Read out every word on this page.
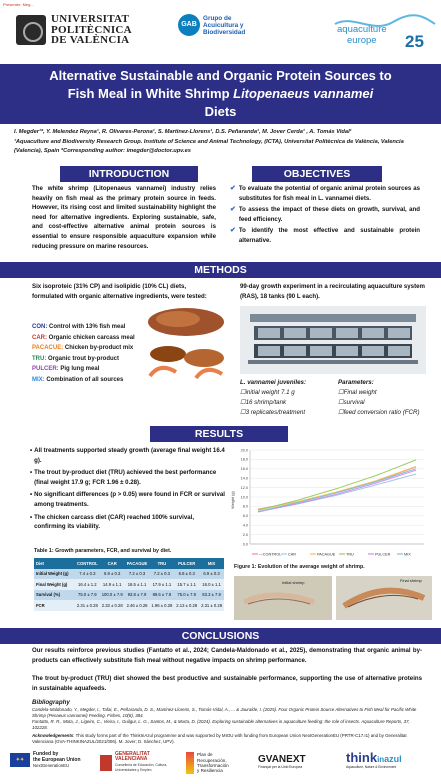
Presenter: Meg...
UNIVERSITAT
POLITÈCNICA
DE VALÈNCIA
GAB
Grupo de
Acuicultura y
Biodiversidad	aquaculture
europe 25
Alternative Sustainable and Organic Protein Sources to
Fish Meal in White Shrimp Litopenaeus vannamei
Diets
I. Megder¹*, Y. Melendez Reyna¹, R. Olivares-Perona¹, S. Martinez-Llorens¹, D.S. Peñaranda¹, M. Jover Cerda¹ , A. Tomás Vidal¹
¹Aquaculture and Biodiversity Research Group. Institute of Science and Animal Technology, (ICTA), Universitat Politècnica de València, Valencia (Valencia), Spain *Corresponding author: imegder@doctor.upv.es
INTRODUCTION
The white shrimp (Litopenaeus vannamei) industry relies heavily on fish meal as the primary protein source in feeds. However, its rising cost and limited sustainability highlight the need for alternative ingredients. Exploring sustainable, safe, and cost-effective alternative animal protein sources is essential to ensure responsible aquaculture expansion while reducing pressure on marine resources.
OBJECTIVES
✔ To evaluate the potential of organic animal protein sources as substitutes for fish meal in L. vannamei diets.
✔ To assess the impact of these diets on growth, survival, and feed efficiency.
✔ To identify the most effective and sustainable protein alternative.
METHODS
Six isoproteic (31% CP) and isolipidic (10% CL) diets, formulated with organic alternative ingredients, were tested:
CON: Control with 13% fish meal
CAR: Organic chicken carcass meal
PACACUE: Chicken by-product mix
TRU: Organic trout by-product
PULCER: Pig lung meal
MIX: Combination of all sources
99-day growth experiment in a recirculating aquaculture system (RAS), 18 tanks (90 L each).
L. vannamei juveniles:
☐initial weight 7.1 g
☐16 shrimp/tank
☐3 replicates/treatment
Parameters:
☐Final weight
☐survival
☐feed conversion ratio (FCR)
RESULTS
• All treatments supported steady growth (average final weight 16.4 g).
• The trout by-product diet (TRU) achieved the best performance (final weight 17.9 g; FCR 1.96 ± 0.28).
• No significant differences (p > 0.05) were found in FCR or survival among treatments.
• The chicken carcass diet (CAR) reached 100% survival, confirming its viability.
Table 1: Growth parameters, FCR, and survival by diet.
Diet	CONTROL	CAR	PACAGUE	TRU	PULCER	MIX
Initial Weight (g)	7.4 ± 0.3	6.9 ± 0.3	7.2 ± 0.3	7.2 ± 0.3	6.8 ± 0.3	6.9 ± 0.3
Final Weight (g)	16.4 ± 1.2	14.9 ± 1.1	16.5 ± 1.1	17.9 ± 1.1	15.7 ± 1.1	16.0 ± 1.1
Survival (%)	75.0 ± 7.9	100.0 ± 7.9	93.8 ± 7.9	89.6 ± 7.9	75.0 ± 7.9	83.3 ± 7.9
FCR	2.31 ± 0.28	2.33 ± 0.28	2.46 ± 0.28	1.96 ± 0.28	2.13 ± 0.28	2.31 ± 0.28
0.0
2.0
4.0
6.0
8.0
10.0
12.0
14.0
16.0
18.0
20.0
Weight (g)
—CONTROL CAR	PACAGUE	TRU	PULCER	MIX
Figure 1: Evolution of the average weight of shrimp.
Initial shrimp	Final shrimp
CONCLUSIONS
Our results reinforce previous studies (Fantatto et al., 2024; Candela-Maldonado et al., 2025), demonstrating that organic animal by-products can effectively substitute fish meal without negative impacts on shrimp performance.
The trout by-product (TRU) diet showed the best productive and sustainable performance, supporting the use of alternative proteins in sustainable aquafeeds.
Bibliography
Candela-Maldonado, Y., Megder, I., Tafai, E., Peñaranda, D. S., Martinez-Llorens, S., Tomás-Vidal, A., ... & Jauralde, I. (2025). Four Organic Protein Source Alternatives to Fish Meal for Pacific White Shrimp (Penaeus vannamei) Feeding. Fishes, 10(8), 384.
Fantatto, R. R., Mota, J., Ligeiro, C., Vieira, I., Guilgur, L. G., Santos, M., & Murta, D. (2024). Exploring sustainable alternatives in aquaculture feeding: the role of insects. Aquaculture Reports, 37, 102228.
Acknowledgements: This study forms part of the ThinkInAzul programme and was supported by MIOU with funding from European Union NextGenerationEU (PRTR-C17.I1) and by Generalitat Valenciana (GVA-THINKINAZUL/2021/006). M. Jover; D. Sánchez, UPV).
✦✦
Funded by
the European Union
NextGenerationEU
GENERALITAT
VALENCIANA
Conselleria de Educación, Cultura, Universidades y Empleo
Plan de
Recuperación,
Transformación
y Resiliencia
GVANEXT
Finançat per la Unió Europea
thinkinazul
Aquaculture, Nature & Environment
